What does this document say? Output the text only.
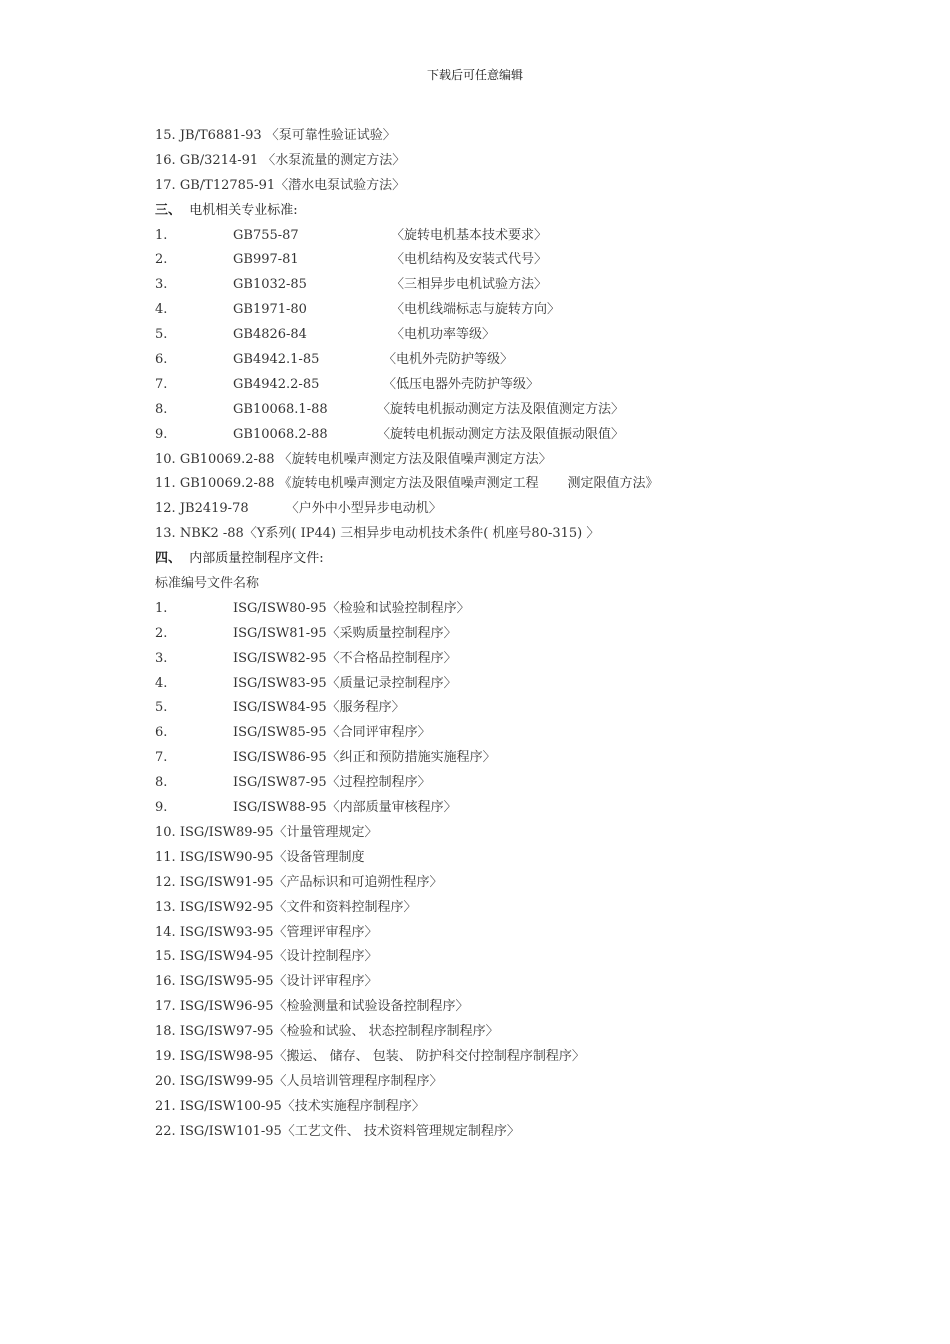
下载后可任意编辑
15. JB/T6881-93 〈泵可靠性验证试验〉
16. GB/3214-91 〈水泵流量的测定方法〉
17. GB/T12785-91〈潜水电泵试验方法〉
三、 电机相关专业标准:
1.	GB755-87	〈旋转电机基本技术要求〉
2.	GB997-81	〈电机结构及安装式代号〉
3.	GB1032-85	〈三相异步电机试验方法〉
4.	GB1971-80	〈电机线端标志与旋转方向〉
5.	GB4826-84	〈电机功率等级〉
6.	GB4942.1-85	〈电机外壳防护等级〉
7.	GB4942.2-85	〈低压电器外壳防护等级〉
8.	GB10068.1-88	〈旋转电机振动测定方法及限值测定方法〉
9.	GB10068.2-88	〈旋转电机振动测定方法及限值振动限值〉
10. GB10069.2-88 〈旋转电机噪声测定方法及限值噪声测定方法〉
11. GB10069.2-88 《旋转电机噪声测定方法及限值噪声测定工程       测定限值方法》
12. JB2419-78         〈户外中小型异步电动机〉
13. NBK2 -88〈Y系列( IP44) 三相异步电动机技术条件( 机座号80-315) 〉
四、 内部质量控制程序文件:
标准编号文件名称
1.	ISG/ISW80-95〈检验和试验控制程序〉
2.	ISG/ISW81-95〈采购质量控制程序〉
3.	ISG/ISW82-95〈不合格品控制程序〉
4.	ISG/ISW83-95〈质量记录控制程序〉
5.	ISG/ISW84-95〈服务程序〉
6.	ISG/ISW85-95〈合同评审程序〉
7.	ISG/ISW86-95〈纠正和预防措施实施程序〉
8.	ISG/ISW87-95〈过程控制程序〉
9.	ISG/ISW88-95〈内部质量审核程序〉
10. ISG/ISW89-95〈计量管理规定〉
11. ISG/ISW90-95〈设备管理制度
12. ISG/ISW91-95〈产品标识和可追朔性程序〉
13. ISG/ISW92-95〈文件和资料控制程序〉
14. ISG/ISW93-95〈管理评审程序〉
15. ISG/ISW94-95〈设计控制程序〉
16. ISG/ISW95-95〈设计评审程序〉
17. ISG/ISW96-95〈检验测量和试验设备控制程序〉
18. ISG/ISW97-95〈检验和试验、 状态控制程序制程序〉
19. ISG/ISW98-95〈搬运、 储存、 包装、 防护科交付控制程序制程序〉
20. ISG/ISW99-95〈人员培训管理程序制程序〉
21. ISG/ISW100-95〈技术实施程序制程序〉
22. ISG/ISW101-95〈工艺文件、 技术资料管理规定制程序〉
